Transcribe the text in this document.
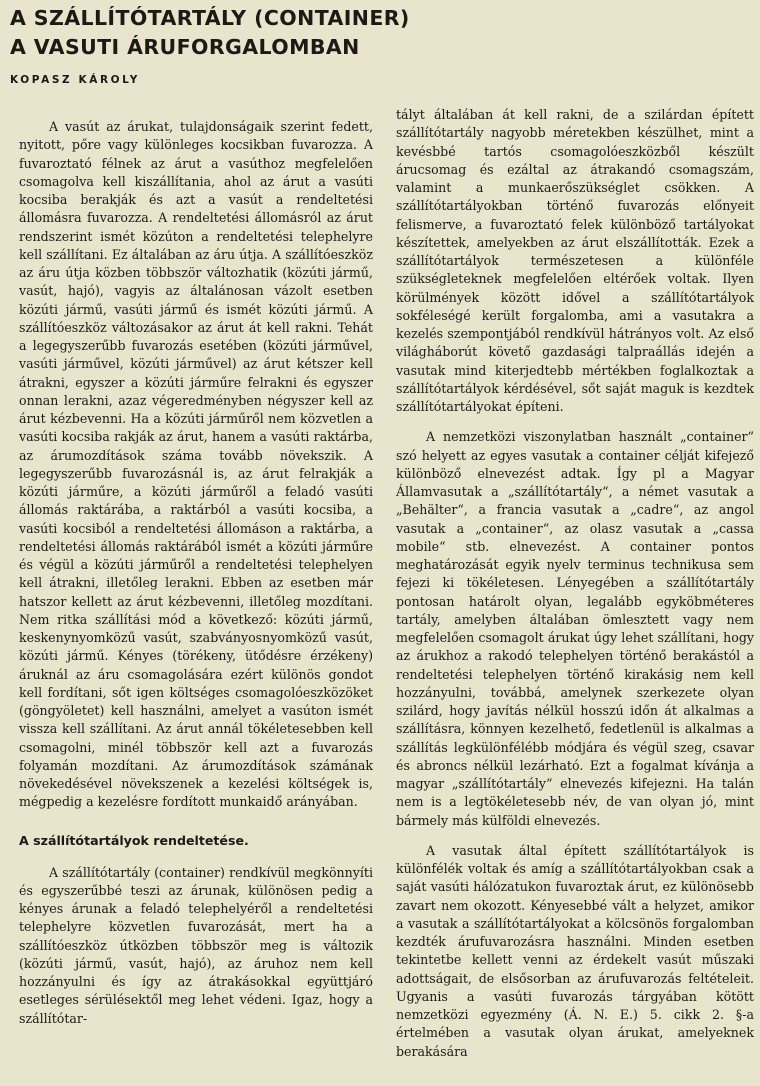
A SZÁLLÍTÓTARTÁLY (CONTAINER)
A VASUTI ÁRUFORGALOMBAN
KOPASZ KÁROLY

A vasút az árukat, tulajdonságaik szerint fedett, nyitott, pőre vagy különleges kocsikban fuvarozza. A fuvaroztató félnek az árut a vasúthoz megfelelően csomagolva kell kiszállítania, ahol az árut a vasúti kocsiba berakják és azt a vasút a rendeltetési állomásra fuvarozza. A rendeltetési állomásról az árut rendszerint ismét közúton a rendeltetési telephelyre kell szállítani. Ez általában az áru útja. A szállítóeszköz az áru útja közben többször változhatik (közúti jármű, vasút, hajó), vagyis az általánosan vázolt esetben közúti jármű, vasúti jármű és ismét közúti jármű. A szállítóeszköz változásakor az árut át kell rakni. Tehát a legegyszerűbb fuvarozás esetében (közúti járművel, vasúti járművel, közúti járművel) az árut kétszer kell átrakni, egyszer a közúti járműre felrakni és egyszer onnan lerakni, azaz végeredményben négyszer kell az árut kézbevenni. Ha a közúti járműről nem közvetlen a vasúti kocsiba rakják az árut, hanem a vasúti raktárba, az árumozdítások száma tovább növekszik. A legegyszerűbb fuvarozásnál is, az árut felrakják a közúti járműre, a közúti járműről a feladó vasúti állomás raktárába, a raktárból a vasúti kocsiba, a vasúti kocsiból a rendeltetési állomáson a raktárba, a rendeltetési állomás raktárából ismét a közúti járműre és végül a közúti járműről a rendeltetési telephelyen kell átrakni, illetőleg lerakni. Ebben az esetben már hatszor kellett az árut kézbevenni, illetőleg mozdítani. Nem ritka szállítási mód a következő: közúti jármű, keskenynyomközű vasút, szabványosnyomközű vasút, közúti jármű. Kényes (törékeny, ütődésre érzékeny) áruknál az áru csomagolására ezért különös gondot kell fordítani, sőt igen költséges csomagolóeszközöket (göngyöletet) kell használni, amelyet a vasúton ismét vissza kell szállítani. Az árut annál tökéletesebben kell csomagolni, minél többször kell azt a fuvarozás folyamán mozdítani. Az árumozdítások számának növekedésével növekszenek a kezelési költségek is, mégpedig a kezelésre fordított munkaidő arányában.

A szállítótartályok rendeltetése.

A szállítótartály (container) rendkívül megkönnyíti és egyszerűbbé teszi az árunak, különösen pedig a kényes árunak a feladó telephelyéről a rendeltetési telephelyre közvetlen fuvarozását, mert ha a szállítóeszköz útközben többször meg is változik (közúti jármű, vasút, hajó), az áruhoz nem kell hozzányulni és így az átrakásokkal együttjáró esetleges sérülésektől meg lehet védeni. Igaz, hogy a szállítótar-

tályt általában át kell rakni, de a szilárdan épített szállítótartály nagyobb méretekben készülhet, mint a kevésbbé tartós csomagolóeszközből készült árucsomag és ezáltal az átrakandó csomagszám, valamint a munkaerőszükséglet csökken. A szállítótartályokban történő fuvarozás előnyeit felismerve, a fuvaroztató felek különböző tartályokat készítettek, amelyekben az árut elszállították. Ezek a szállítótartályok természetesen a különféle szükségleteknek megfelelően eltérőek voltak. Ilyen körülmények között idővel a szállítótartályok sokféleségé került forgalomba, ami a vasutakra a kezelés szempontjából rendkívül hátrányos volt. Az első világháborút követő gazdasági talpraállás idején a vasutak mind kiterjedtebb mértékben foglalkoztak a szállítótartályok kérdésével, sőt saját maguk is kezdtek szállítótartályokat építeni.

A nemzetközi viszonylatban használt „container“ szó helyett az egyes vasutak a container célját kifejező különböző elnevezést adtak. Így pl a Magyar Államvasutak a „szállítótartály“, a német vasutak a „Behälter“, a francia vasutak a „cadre“, az angol vasutak a „container“, az olasz vasutak a „cassa mobile“ stb. elnevezést. A container pontos meghatározását egyik nyelv terminus technikusa sem fejezi ki tökéletesen. Lényegében a szállítótartály pontosan határolt olyan, legalább egyköbméteres tartály, amelyben általában ömlesztett vagy nem megfelelően csomagolt árukat úgy lehet szállítani, hogy az árukhoz a rakodó telephelyen történő berakástól a rendeltetési telephelyen történő kirakásig nem kell hozzányulni, továbbá, amelynek szerkezete olyan szilárd, hogy javítás nélkül hosszú időn át alkalmas a szállításra, könnyen kezelhető, fedetlenül is alkalmas a szállítás legkülönfélébb módjára és végül szeg, csavar és abroncs nélkül lezárható. Ezt a fogalmat kívánja a magyar „szállítótartály“ elnevezés kifejezni. Ha talán nem is a legtökéletesebb név, de van olyan jó, mint bármely más külföldi elnevezés.

A vasutak által épített szállítótartályok is különfélék voltak és amíg a szállítótartályokban csak a saját vasúti hálózatukon fuvaroztak árut, ez különösebb zavart nem okozott. Kényesebbé vált a helyzet, amikor a vasutak a szállítótartályokat a kölcsönös forgalomban kezdték árufuvarozásra használni. Minden esetben tekintetbe kellett venni az érdekelt vasút műszaki adottságait, de elsősorban az árufuvarozás feltételeit. Ugyanis a vasúti fuvarozás tárgyában kötött nemzetközi egyezmény (Á. N. E.) 5. cikk 2. §-a értelmében a vasutak olyan árukat, amelyeknek berakására
